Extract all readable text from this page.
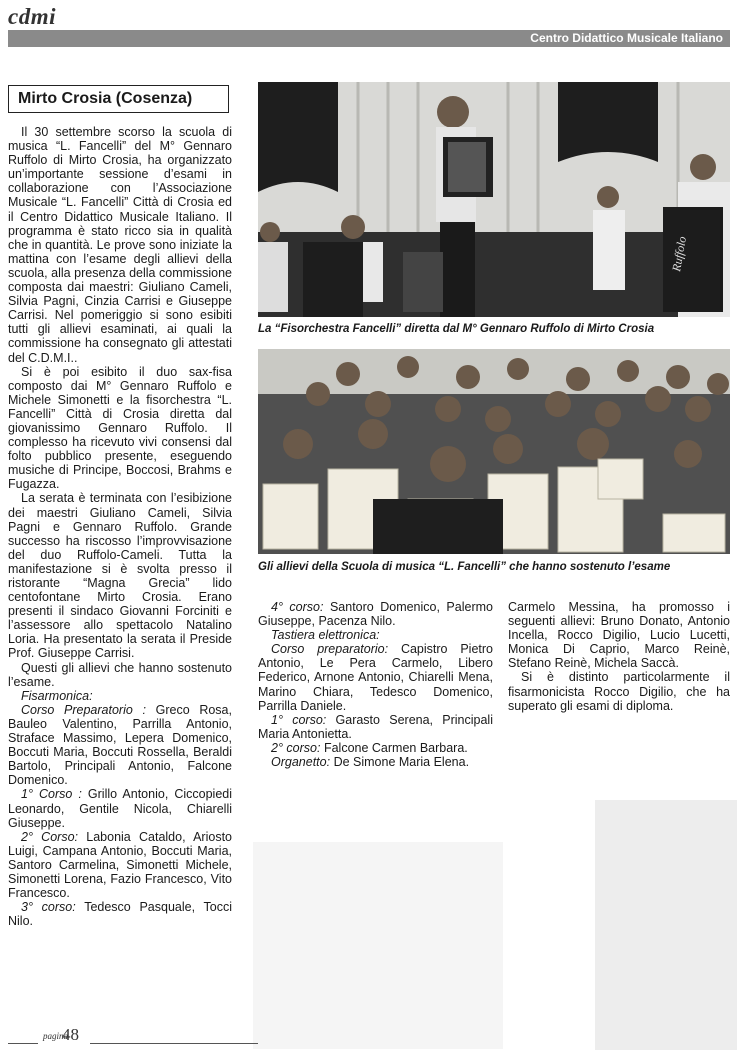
cdmi
Centro Didattico Musicale Italiano
Mirto Crosia (Cosenza)

Il 30 settembre scorso la scuola di musica “L. Fancelli” del M° Gennaro Ruffolo di Mirto Crosia, ha organizzato un’importante sessione d’esami in collaborazione con l’Associazione Musicale “L. Fancelli” Città di Crosia ed il Centro Didattico Musicale Italiano. Il programma è stato ricco sia in qualità che in quantità. Le prove sono iniziate la mattina con l’esame degli allievi della scuola, alla presenza della commissione composta dai maestri: Giuliano Cameli, Silvia Pagni, Cinzia Carrisi e Giuseppe Carrisi. Nel pomeriggio si sono esibiti tutti gli allievi esaminati, ai quali la commissione ha consegnato gli attestati del C.D.M.I..

Si è poi esibito il duo sax-fisa composto dai M° Gennaro Ruffolo e Michele Simonetti e la fisorchestra “L. Fancelli” Città di Crosia diretta dal giovanissimo Gennaro Ruffolo. Il complesso ha ricevuto vivi consensi dal folto pubblico presente, eseguendo musiche di Principe, Boccosi, Brahms e Fugazza.

La serata è terminata con l’esibizione dei maestri Giuliano Cameli, Silvia Pagni e Gennaro Ruffolo. Grande successo ha riscosso l’improvvisazione del duo Ruffolo-Cameli. Tutta la manifestazione si è svolta presso il ristorante “Magna Grecia” lido centofontane Mirto Crosia. Erano presenti il sindaco Giovanni Forciniti e l’assessore allo spettacolo Natalino Loria. Ha presentato la serata il Preside Prof. Giuseppe Carrisi.

Questi gli allievi che hanno sostenuto l’esame.

Fisarmonica:

Corso Preparatorio : Greco Rosa, Bauleo Valentino, Parrilla Antonio, Straface Massimo, Lepera Domenico, Boccuti Maria, Boccuti Rossella, Beraldi Bartolo, Principali Antonio, Falcone Domenico.

1° Corso : Grillo Antonio, Ciccopiedi Leonardo, Gentile Nicola, Chiarelli Giuseppe.

2° Corso: Labonia Cataldo, Ariosto Luigi, Campana Antonio, Boccuti Maria, Santoro Carmelina, Simonetti Michele, Simonetti Lorena, Fazio Francesco, Vito Francesco.

3° corso: Tedesco Pasquale, Tocci Nilo.

Ruffolo
La “Fisorchestra Fancelli” diretta dal M° Gennaro Ruffolo di Mirto Crosia
Gli allievi della Scuola di musica “L. Fancelli” che hanno sostenuto l’esame

4° corso: Santoro Domenico, Palermo Giuseppe, Pacenza Nilo.

Tastiera elettronica:

Corso preparatorio: Capistro Pietro Antonio, Le Pera Carmelo, Libero Federico, Arnone Antonio, Chiarelli Mena, Marino Chiara, Tedesco Domenico, Parrilla Daniele.

1° corso: Garasto Serena, Principali Maria Antonietta.

2° corso: Falcone Carmen Barbara.

Organetto: De Simone Maria Elena.

Carmelo Messina, ha promosso i seguenti allievi: Bruno Donato, Antonio Incella, Rocco Digilio, Lucio Lucetti, Monica Di Caprio, Marco Reinè, Stefano Reinè, Michela Saccà.

Si è distinto particolarmente il fisarmonicista Rocco Digilio, che ha superato gli esami di diploma.

pagina
48
